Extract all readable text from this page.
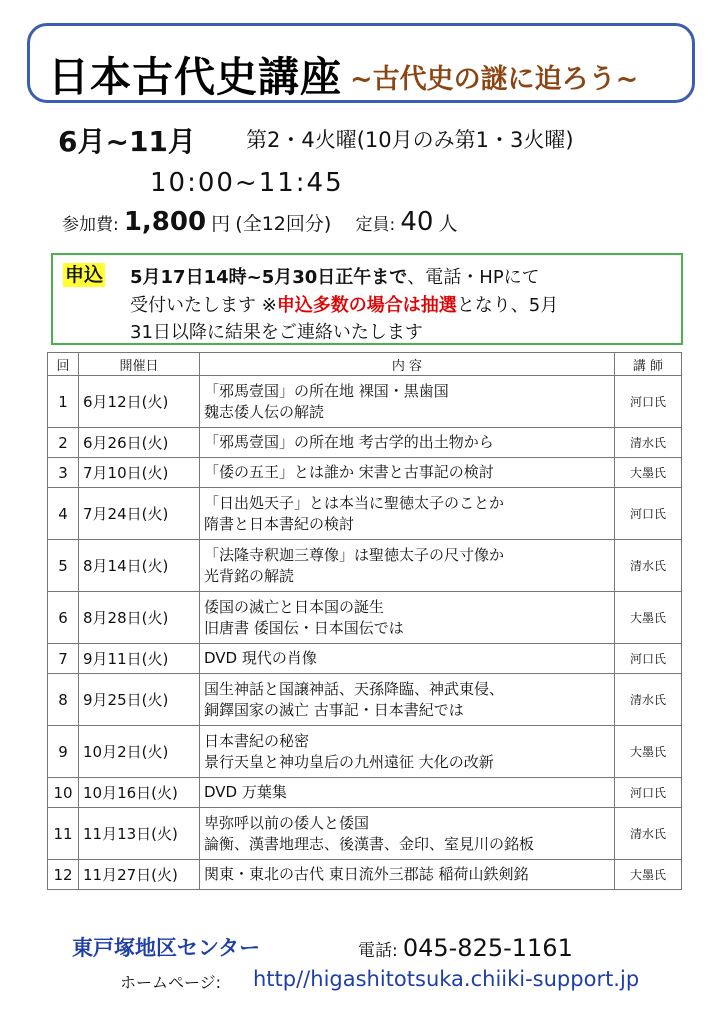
日本古代史講座 ~古代史の謎に迫ろう~
6月~11月 第2・4火曜(10月のみ第1・3火曜)
10:00~11:45
参加費: 1,800 円 (全12回分) 定員: 40 人
申込 5月17日14時~5月30日正午まで、電話・HPにて
受付いたします ※申込多数の場合は抽選となり、5月
31日以降に結果をご連絡いたします
回	開催日	内 容	講 師
1	6月12日(火)	「邪馬壹国」の所在地 裸国・黒歯国
魏志倭人伝の解読	河口氏
2	6月26日(火)	「邪馬壹国」の所在地 考古学的出土物から	清水氏
3	7月10日(火)	「倭の五王」とは誰か 宋書と古事記の検討	大墨氏
4	7月24日(火)	「日出処天子」とは本当に聖徳太子のことか
隋書と日本書紀の検討	河口氏
5	8月14日(火)	「法隆寺釈迦三尊像」は聖徳太子の尺寸像か
光背銘の解読	清水氏
6	8月28日(火)	倭国の滅亡と日本国の誕生
旧唐書 倭国伝・日本国伝では	大墨氏
7	9月11日(火)	DVD 現代の肖像	河口氏
8	9月25日(火)	国生神話と国譲神話、天孫降臨、神武東侵、
銅鐸国家の滅亡 古事記・日本書紀では	清水氏
9	10月2日(火)	日本書紀の秘密
景行天皇と神功皇后の九州遠征 大化の改新	大墨氏
10	10月16日(火)	DVD 万葉集	河口氏
11	11月13日(火)	卑弥呼以前の倭人と倭国
論衡、漢書地理志、後漢書、金印、室見川の銘板	清水氏
12	11月27日(火)	関東・東北の古代 東日流外三郡誌 稲荷山鉄剣銘	大墨氏
東戸塚地区センター	電話: 045-825-1161
ホームページ: http//higashitotsuka.chiiki-support.jp
